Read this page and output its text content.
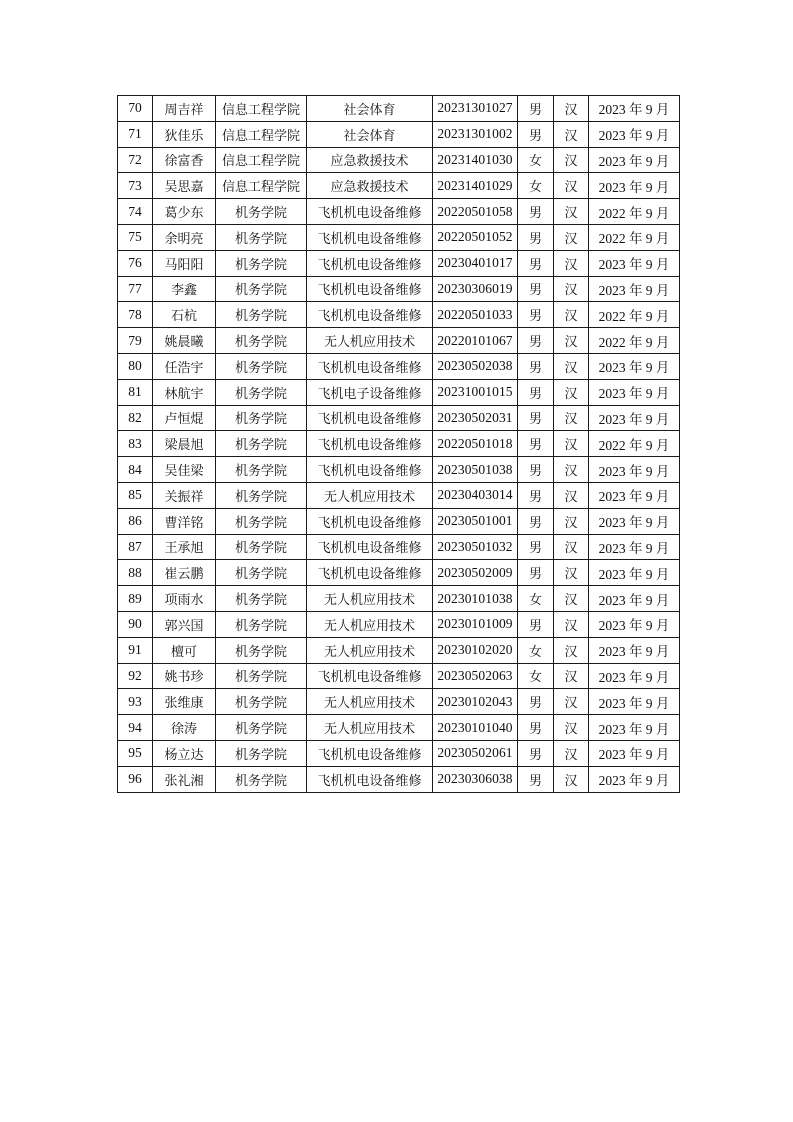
70	周吉祥	信息工程学院	社会体育	20231301027	男	汉	2023 年 9 月
71	狄佳乐	信息工程学院	社会体育	20231301002	男	汉	2023 年 9 月
72	徐富香	信息工程学院	应急救援技术	20231401030	女	汉	2023 年 9 月
73	吴思嘉	信息工程学院	应急救援技术	20231401029	女	汉	2023 年 9 月
74	葛少东	机务学院	飞机机电设备维修	20220501058	男	汉	2022 年 9 月
75	余明亮	机务学院	飞机机电设备维修	20220501052	男	汉	2022 年 9 月
76	马阳阳	机务学院	飞机机电设备维修	20230401017	男	汉	2023 年 9 月
77	李鑫	机务学院	飞机机电设备维修	20230306019	男	汉	2023 年 9 月
78	石杭	机务学院	飞机机电设备维修	20220501033	男	汉	2022 年 9 月
79	姚晨曦	机务学院	无人机应用技术	20220101067	男	汉	2022 年 9 月
80	任浩宇	机务学院	飞机机电设备维修	20230502038	男	汉	2023 年 9 月
81	林航宇	机务学院	飞机电子设备维修	20231001015	男	汉	2023 年 9 月
82	卢恒焜	机务学院	飞机机电设备维修	20230502031	男	汉	2023 年 9 月
83	梁晨旭	机务学院	飞机机电设备维修	20220501018	男	汉	2022 年 9 月
84	吴佳梁	机务学院	飞机机电设备维修	20230501038	男	汉	2023 年 9 月
85	关振祥	机务学院	无人机应用技术	20230403014	男	汉	2023 年 9 月
86	曹洋铭	机务学院	飞机机电设备维修	20230501001	男	汉	2023 年 9 月
87	王承旭	机务学院	飞机机电设备维修	20230501032	男	汉	2023 年 9 月
88	崔云鹏	机务学院	飞机机电设备维修	20230502009	男	汉	2023 年 9 月
89	项雨水	机务学院	无人机应用技术	20230101038	女	汉	2023 年 9 月
90	郭兴国	机务学院	无人机应用技术	20230101009	男	汉	2023 年 9 月
91	檀可	机务学院	无人机应用技术	20230102020	女	汉	2023 年 9 月
92	姚书珍	机务学院	飞机机电设备维修	20230502063	女	汉	2023 年 9 月
93	张维康	机务学院	无人机应用技术	20230102043	男	汉	2023 年 9 月
94	徐涛	机务学院	无人机应用技术	20230101040	男	汉	2023 年 9 月
95	杨立达	机务学院	飞机机电设备维修	20230502061	男	汉	2023 年 9 月
96	张礼湘	机务学院	飞机机电设备维修	20230306038	男	汉	2023 年 9 月
